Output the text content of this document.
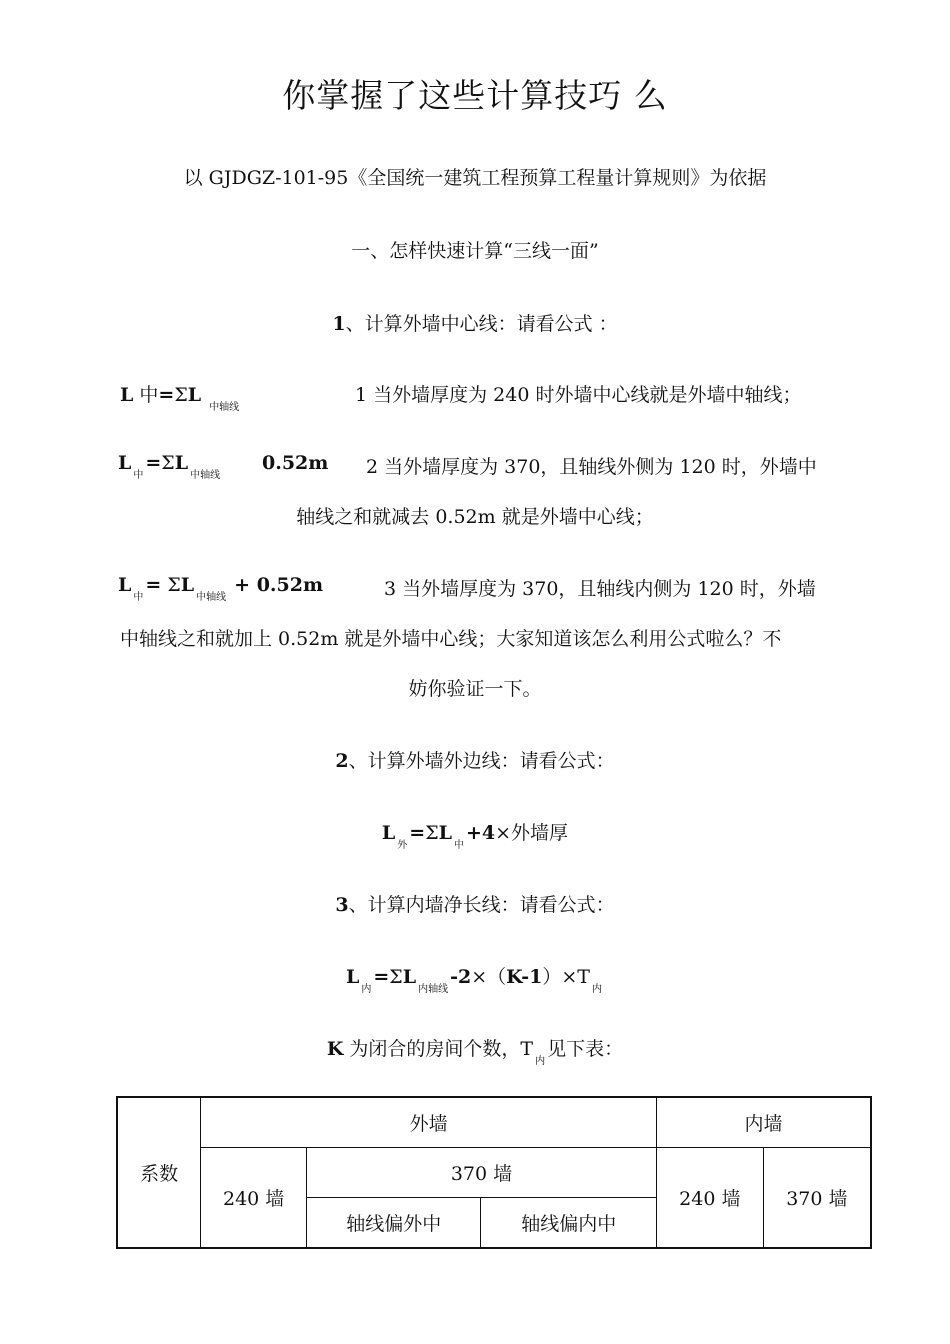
你掌握了这些计算技巧 么
以 GJDGZ-101-95《全国统一建筑工程预算工程量计算规则》为依据
一、怎样快速计算“三线一面”
1、计算外墙中心线：请看公式 ：
L 中=ΣL $_{中轴线}$
1 当外墙厚度为 240 时外墙中心线就是外墙中轴线；
$L_中=\Sigma L_{中轴线}$
0.52m 2 当外墙厚度为 370，且轴线外侧为 120 时，外墙中
轴线之和就减去 0.52m 就是外墙中心线；
$L_中= \Sigma L_{中轴线} + 0.52m$	3 当外墙厚度为 370，且轴线内侧为 120 时，外墙
中轴线之和就加上 0.52m 就是外墙中心线；大家知道该怎么利用公式啦么？不
妨你验证一下。
2、计算外墙外边线：请看公式：
$L_外=\Sigma L_中+4\times$外墙厚
3、计算内墙净长线：请看公式：
$L_内=\Sigma L_{内轴线}-2\times(K-1)\times T_内$
K 为闭合的房间个数，$T_内$见下表：
系数	外墙			内墙	
	240 墙	370 墙		240 墙	370 墙
		轴线偏外中	轴线偏内中		
